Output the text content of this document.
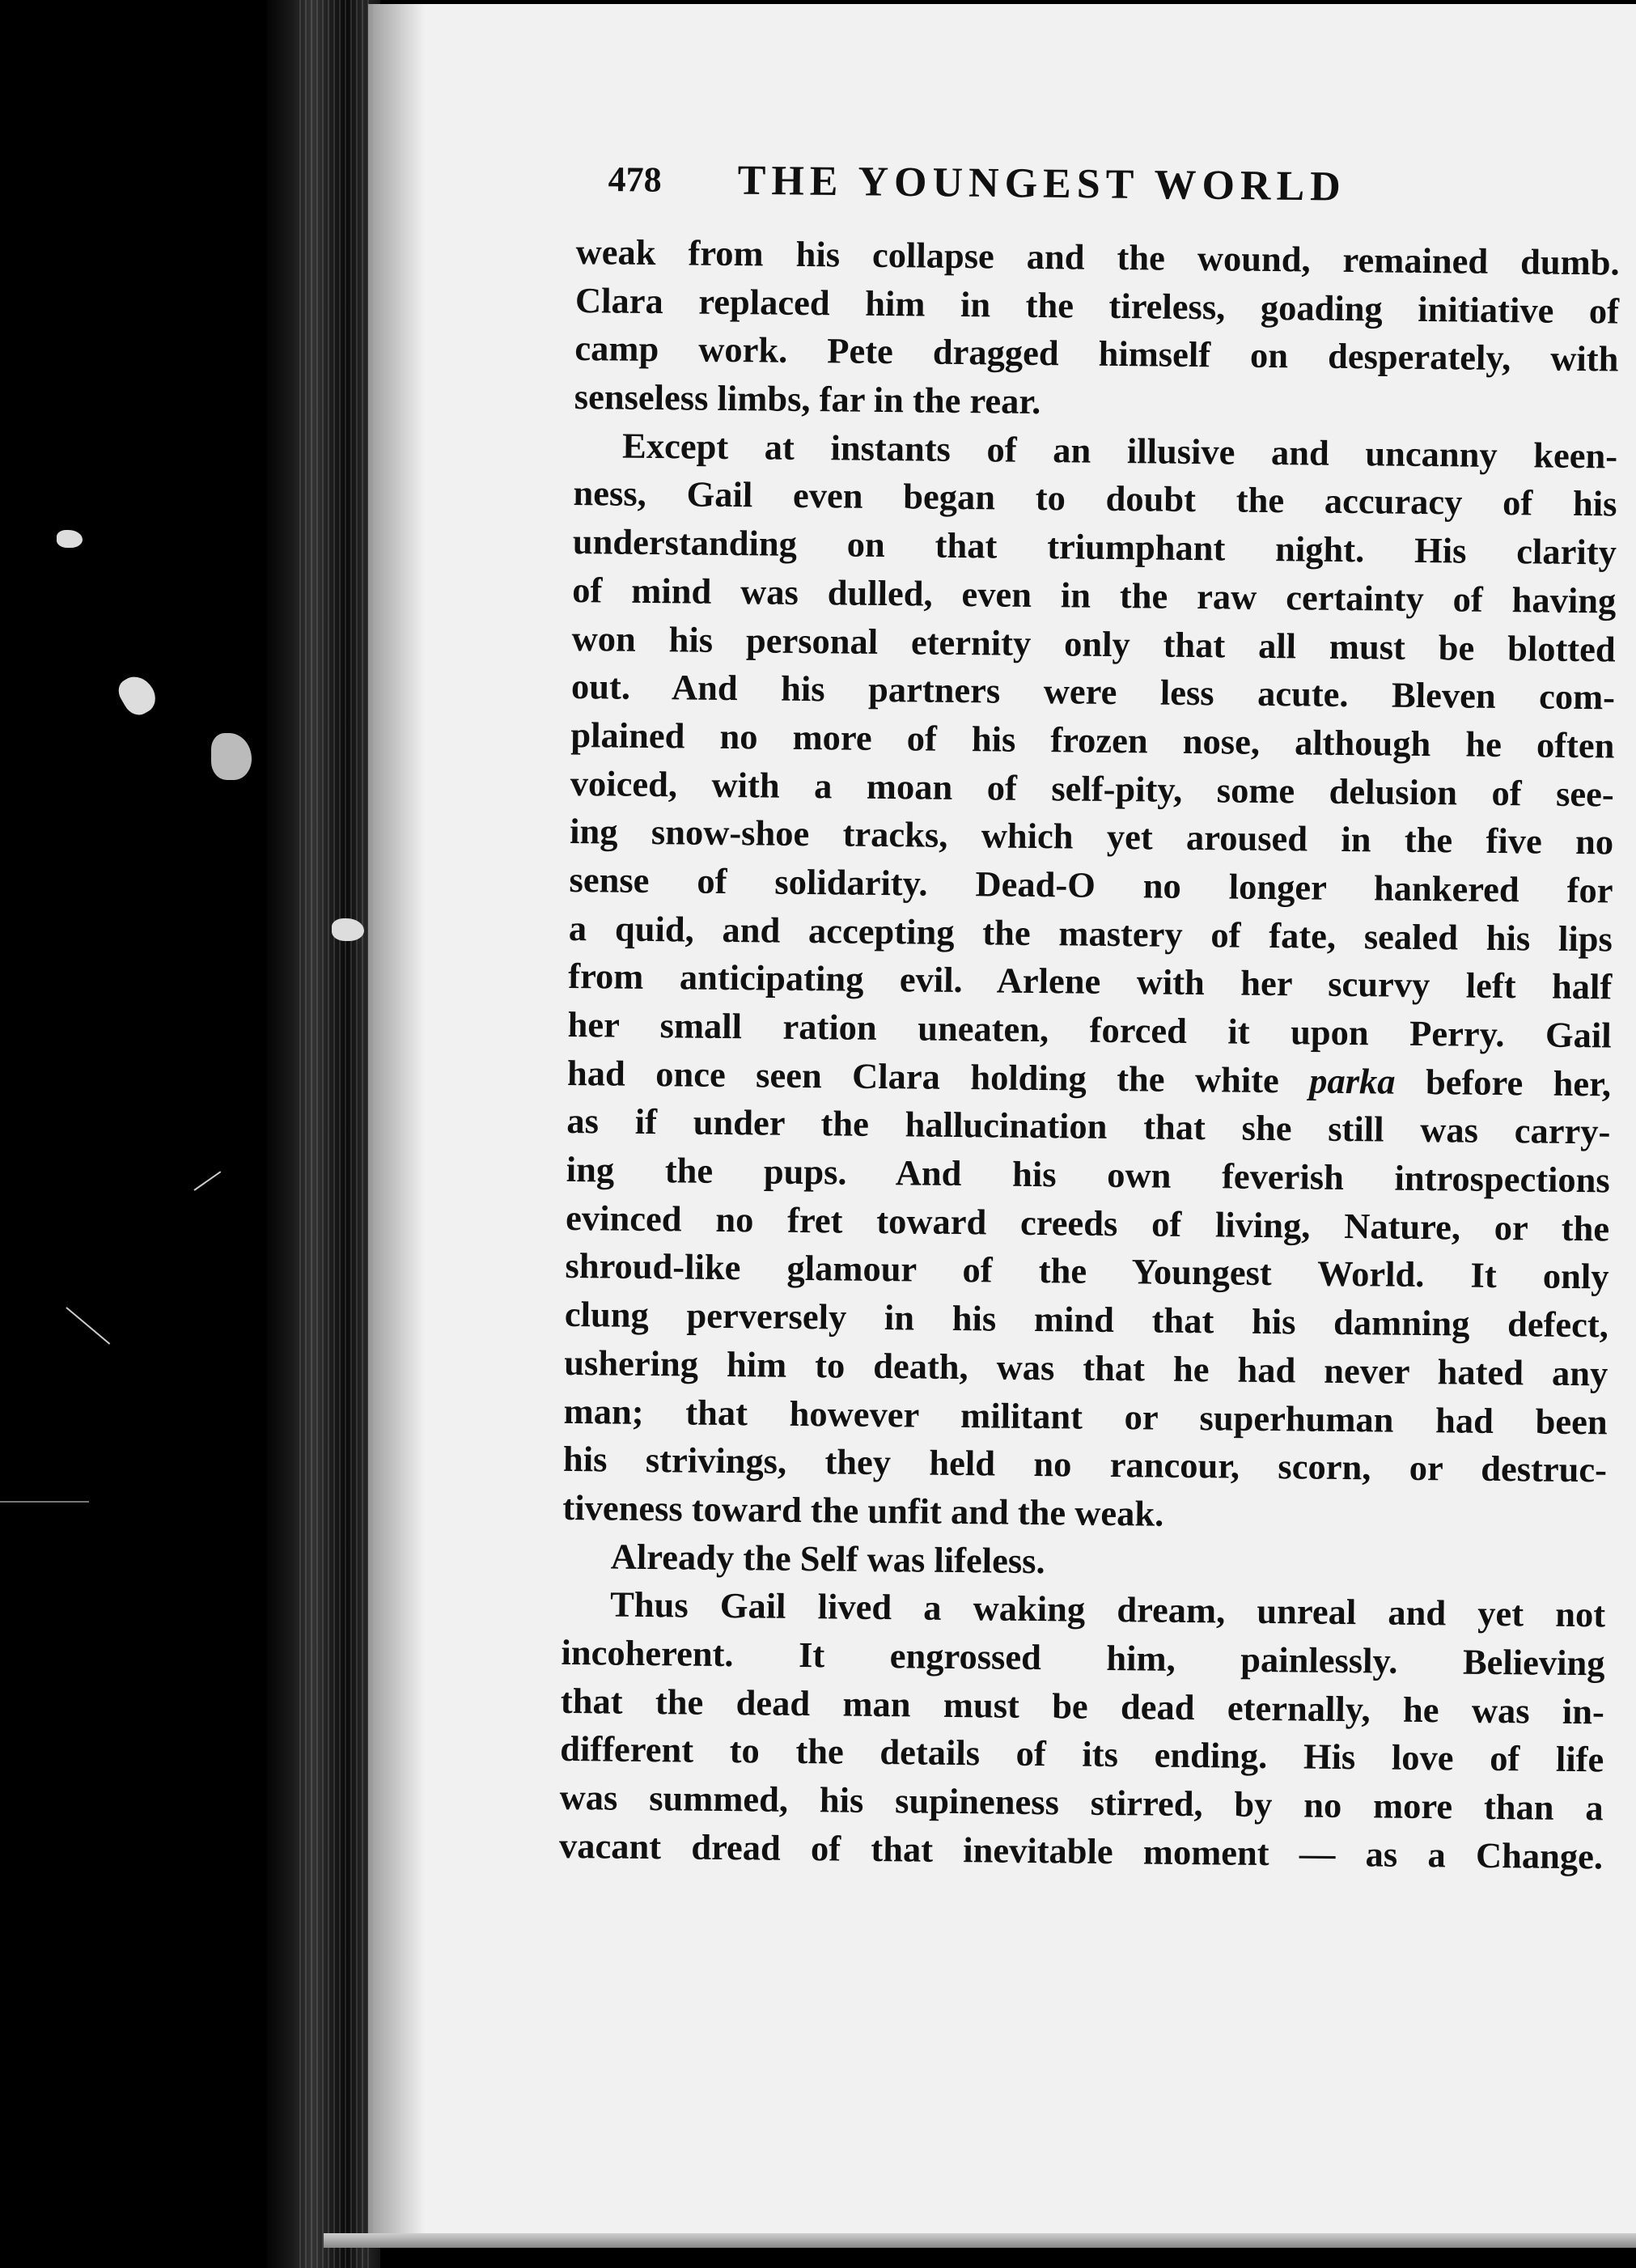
478 THE YOUNGEST WORLD
weak from his collapse and the wound, remained dumb.
Clara replaced him in the tireless, goading initiative of
camp work. Pete dragged himself on desperately, with
senseless limbs, far in the rear.
Except at instants of an illusive and uncanny keen-
ness, Gail even began to doubt the accuracy of his
understanding on that triumphant night. His clarity
of mind was dulled, even in the raw certainty of having
won his personal eternity only that all must be blotted
out. And his partners were less acute. Bleven com-
plained no more of his frozen nose, although he often
voiced, with a moan of self-pity, some delusion of see-
ing snow-shoe tracks, which yet aroused in the five no
sense of solidarity. Dead-O no longer hankered for
a quid, and accepting the mastery of fate, sealed his lips
from anticipating evil. Arlene with her scurvy left half
her small ration uneaten, forced it upon Perry. Gail
had once seen Clara holding the white parka before her,
as if under the hallucination that she still was carry-
ing the pups. And his own feverish introspections
evinced no fret toward creeds of living, Nature, or the
shroud-like glamour of the Youngest World. It only
clung perversely in his mind that his damning defect,
ushering him to death, was that he had never hated any
man; that however militant or superhuman had been
his strivings, they held no rancour, scorn, or destruc-
tiveness toward the unfit and the weak.
Already the Self was lifeless.
Thus Gail lived a waking dream, unreal and yet not
incoherent. It engrossed him, painlessly. Believing
that the dead man must be dead eternally, he was in-
different to the details of its ending. His love of life
was summed, his supineness stirred, by no more than a
vacant dread of that inevitable moment — as a Change.
